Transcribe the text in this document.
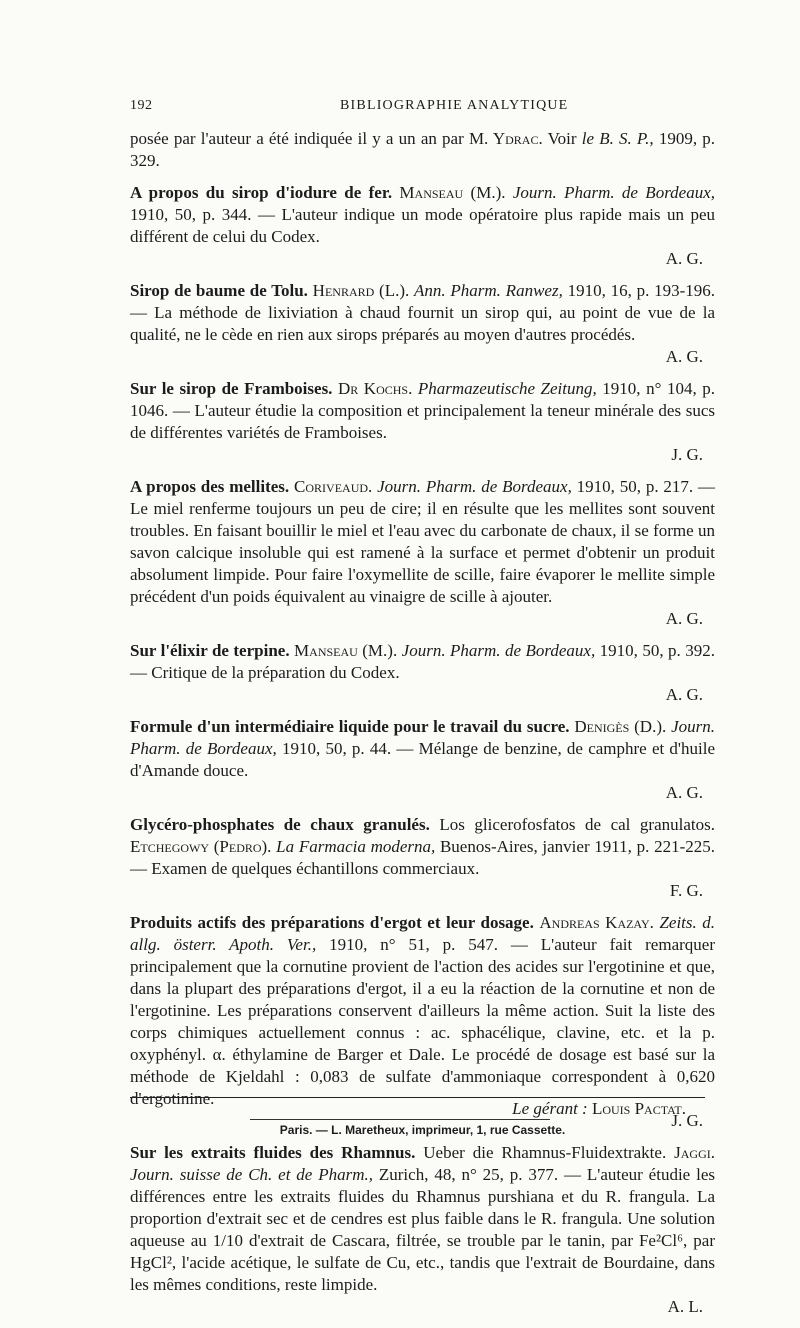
192	BIBLIOGRAPHIE ANALYTIQUE

posée par l'auteur a été indiquée il y a un an par M. Ydrac. Voir le B. S. P., 1909, p. 329.

A propos du sirop d'iodure de fer. Manseau (M.). Journ. Pharm. de Bordeaux, 1910, 50, p. 344. — L'auteur indique un mode opératoire plus rapide mais un peu différent de celui du Codex.
A. G.

Sirop de baume de Tolu. Henrard (L.). Ann. Pharm. Ranwez, 1910, 16, p. 193-196. — La méthode de lixiviation à chaud fournit un sirop qui, au point de vue de la qualité, ne le cède en rien aux sirops préparés au moyen d'autres procédés.
A. G.

Sur le sirop de Framboises. Dr Kochs. Pharmazeutische Zeitung, 1910, n° 104, p. 1046. — L'auteur étudie la composition et principalement la teneur minérale des sucs de différentes variétés de Framboises.
J. G.

A propos des mellites. Coriveaud. Journ. Pharm. de Bordeaux, 1910, 50, p. 217. — Le miel renferme toujours un peu de cire; il en résulte que les mellites sont souvent troubles. En faisant bouillir le miel et l'eau avec du carbonate de chaux, il se forme un savon calcique insoluble qui est ramené à la surface et permet d'obtenir un produit absolument limpide. Pour faire l'oxymellite de scille, faire évaporer le mellite simple précédent d'un poids équivalent au vinaigre de scille à ajouter.
A. G.

Sur l'élixir de terpine. Manseau (M.). Journ. Pharm. de Bordeaux, 1910, 50, p. 392. — Critique de la préparation du Codex.
A. G.

Formule d'un intermédiaire liquide pour le travail du sucre. Denigès (D.). Journ. Pharm. de Bordeaux, 1910, 50, p. 44. — Mélange de benzine, de camphre et d'huile d'Amande douce.
A. G.

Glycéro-phosphates de chaux granulés. Los glicerofosfatos de cal granulatos. Etchegowy (Pedro). La Farmacia moderna, Buenos-Aires, janvier 1911, p. 221-225. — Examen de quelques échantillons commerciaux.
F. G.

Produits actifs des préparations d'ergot et leur dosage. Andreas Kazay. Zeits. d. allg. österr. Apoth. Ver., 1910, n° 51, p. 547. — L'auteur fait remarquer principalement que la cornutine provient de l'action des acides sur l'ergotinine et que, dans la plupart des préparations d'ergot, il a eu la réaction de la cornutine et non de l'ergotinine. Les préparations conservent d'ailleurs la même action. Suit la liste des corps chimiques actuellement connus : ac. sphacélique, clavine, etc. et la p. oxyphényl. α. éthylamine de Barger et Dale. Le procédé de dosage est basé sur la méthode de Kjeldahl : 0,083 de sulfate d'ammoniaque correspondent à 0,620 d'ergotinine.
J. G.

Sur les extraits fluides des Rhamnus. Ueber die Rhamnus-Fluidextrakte. Jaggi. Journ. suisse de Ch. et de Pharm., Zurich, 48, n° 25, p. 377. — L'auteur étudie les différences entre les extraits fluides du Rhamnus purshiana et du R. frangula. La proportion d'extrait sec et de cendres est plus faible dans le R. frangula. Une solution aqueuse au 1/10 d'extrait de Cascara, filtrée, se trouble par le tanin, par Fe²Cl⁶, par HgCl², l'acide acétique, le sulfate de Cu, etc., tandis que l'extrait de Bourdaine, dans les mêmes conditions, reste limpide.
A. L.

Le gérant : Louis Pactat.
Paris. — L. Maretheux, imprimeur, 1, rue Cassette.
